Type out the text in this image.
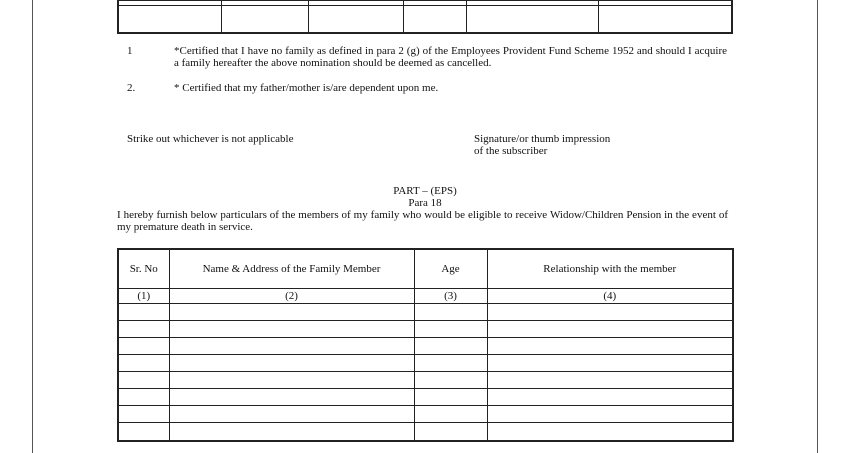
1	*Certified that I have no family as defined in para 2 (g) of the Employees Provident Fund Scheme 1952 and should I acquire a family hereafter the above nomination should be deemed as cancelled.
2.	* Certified that my father/mother is/are dependent upon me.
Strike out whichever is not applicable	Signature/or thumb impression
of the subscriber
PART – (EPS)
Para 18
I hereby furnish below particulars of the members of my family who would be eligible to receive Widow/Children Pension in the event of my premature death in service.
Sr. No	Name & Address of the Family Member	Age	Relationship with the member
(1)	(2)	(3)	(4)
